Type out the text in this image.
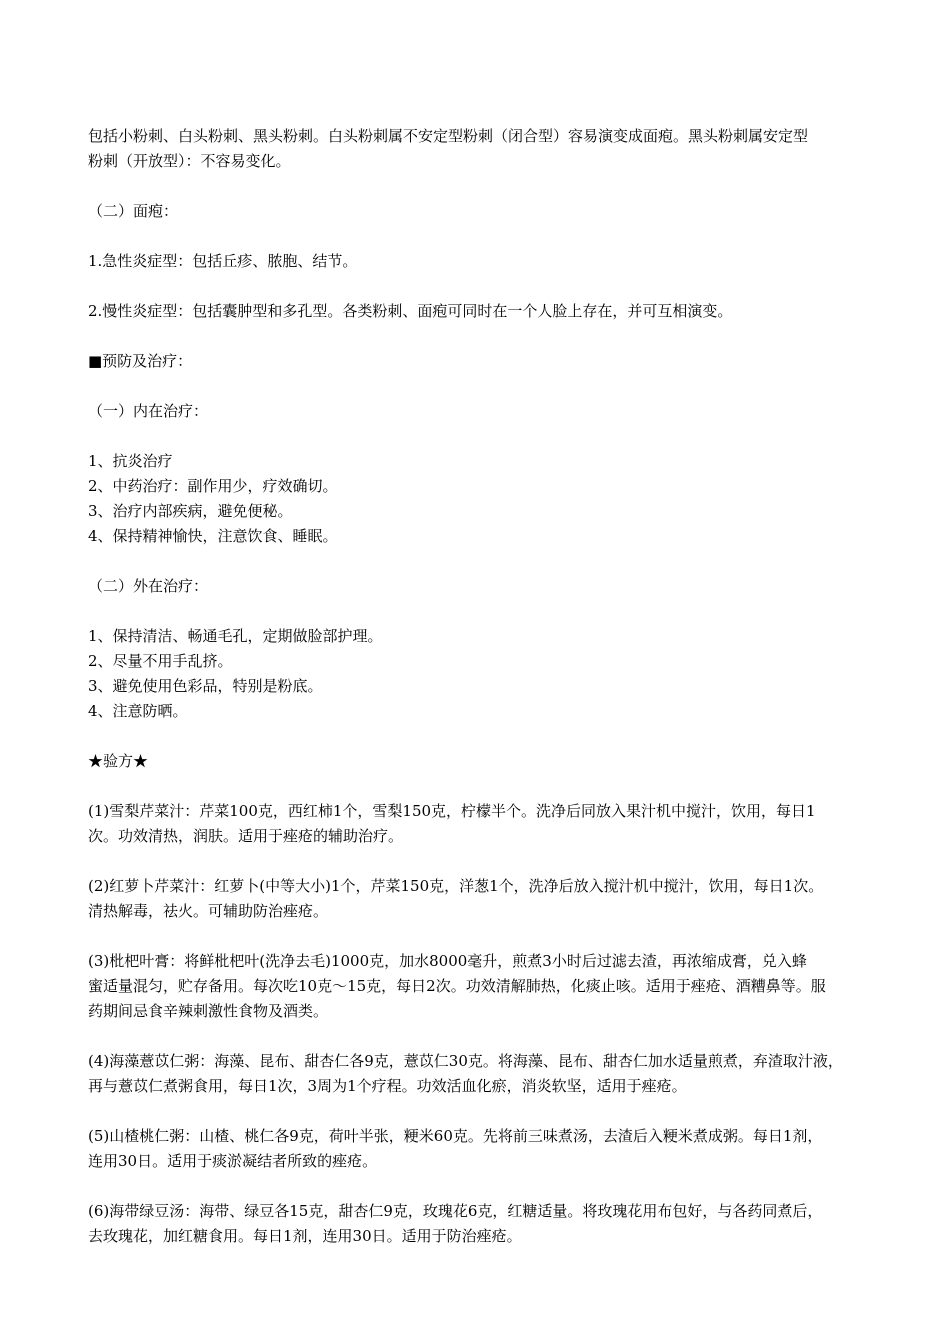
包括小粉刺、白头粉刺、黑头粉刺。白头粉刺属不安定型粉刺（闭合型）容易演变成面疱。黑头粉刺属安定型
粉刺（开放型）：不容易变化。

（二）面疱：

1.急性炎症型：包括丘疹、脓胞、结节。

2.慢性炎症型：包括囊肿型和多孔型。各类粉刺、面疱可同时在一个人脸上存在，并可互相演变。

■预防及治疗：

（一）内在治疗：

1、抗炎治疗
2、中药治疗：副作用少，疗效确切。
3、治疗内部疾病，避免便秘。
4、保持精神愉快，注意饮食、睡眠。

（二）外在治疗：

1、保持清洁、畅通毛孔，定期做脸部护理。
2、尽量不用手乱挤。
3、避免使用色彩品，特别是粉底。
4、注意防晒。

★验方★

(1)雪梨芹菜汁：芹菜100克，西红柿1个，雪梨150克，柠檬半个。洗净后同放入果汁机中搅汁，饮用，每日1
次。功效清热，润肤。适用于痤疮的辅助治疗。

(2)红萝卜芹菜汁：红萝卜(中等大小)1个，芹菜150克，洋葱1个，洗净后放入搅汁机中搅汁，饮用，每日1次。
清热解毒，祛火。可辅助防治痤疮。

(3)枇杷叶膏：将鲜枇杷叶(洗净去毛)1000克，加水8000毫升，煎煮3小时后过滤去渣，再浓缩成膏，兑入蜂
蜜适量混匀，贮存备用。每次吃10克～15克，每日2次。功效清解肺热，化痰止咳。适用于痤疮、酒糟鼻等。服
药期间忌食辛辣刺激性食物及酒类。

(4)海藻薏苡仁粥：海藻、昆布、甜杏仁各9克，薏苡仁30克。将海藻、昆布、甜杏仁加水适量煎煮，弃渣取汁液，
再与薏苡仁煮粥食用，每日1次，3周为1个疗程。功效活血化瘀，消炎软坚，适用于痤疮。

(5)山楂桃仁粥：山楂、桃仁各9克，荷叶半张，粳米60克。先将前三味煮汤，去渣后入粳米煮成粥。每日1剂，
连用30日。适用于痰淤凝结者所致的痤疮。

(6)海带绿豆汤：海带、绿豆各15克，甜杏仁9克，玫瑰花6克，红糖适量。将玫瑰花用布包好，与各药同煮后，
去玫瑰花，加红糖食用。每日1剂，连用30日。适用于防治痤疮。
